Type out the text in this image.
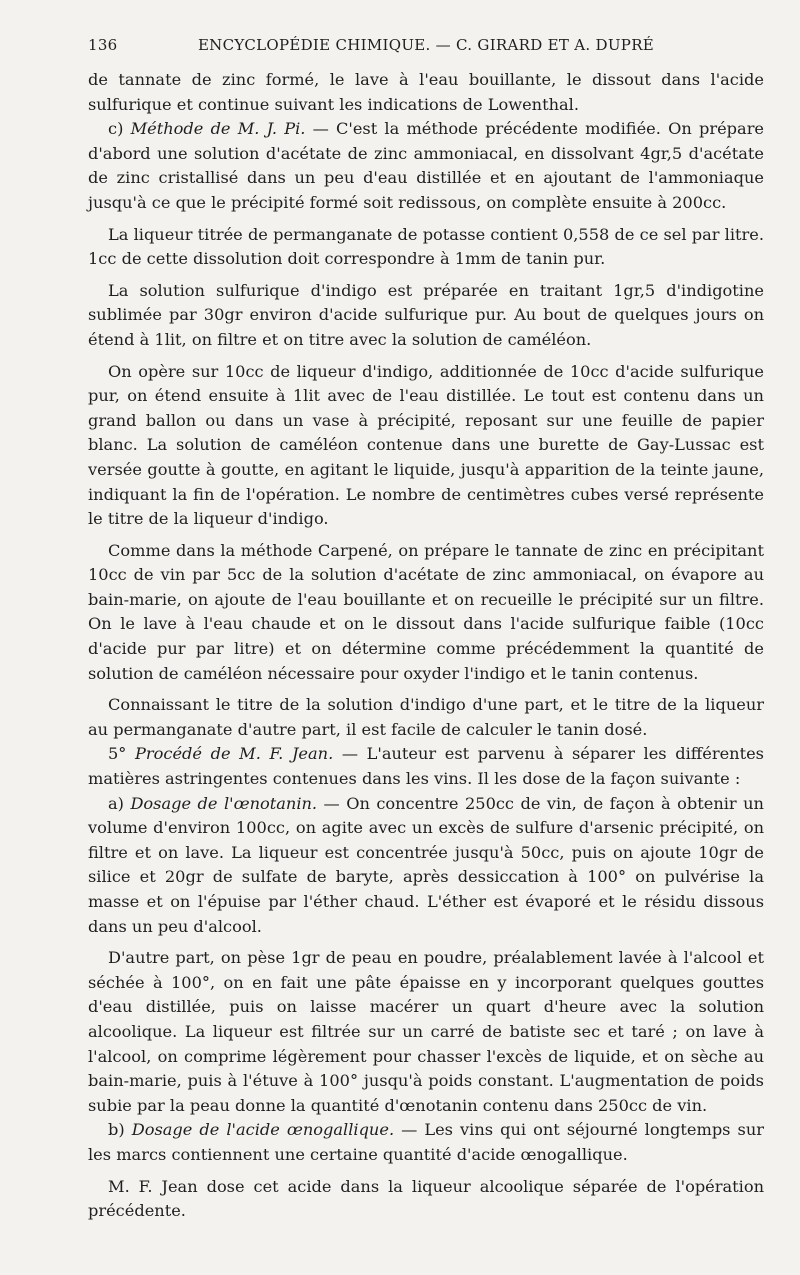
136	ENCYCLOPÉDIE CHIMIQUE. — C. GIRARD ET A. DUPRÉ

de tannate de zinc formé, le lave à l'eau bouillante, le dissout dans l'acide sulfurique et continue suivant les indications de Lowenthal.

c) Méthode de M. J. Pi. — C'est la méthode précédente modifiée. On prépare d'abord une solution d'acétate de zinc ammoniacal, en dissolvant 4gr,5 d'acétate de zinc cristallisé dans un peu d'eau distillée et en ajoutant de l'ammoniaque jusqu'à ce que le précipité formé soit redissous, on complète ensuite à 200cc.

La liqueur titrée de permanganate de potasse contient 0,558 de ce sel par litre. 1cc de cette dissolution doit correspondre à 1mm de tanin pur.

La solution sulfurique d'indigo est préparée en traitant 1gr,5 d'indigotine sublimée par 30gr environ d'acide sulfurique pur. Au bout de quelques jours on étend à 1lit, on filtre et on titre avec la solution de caméléon.

On opère sur 10cc de liqueur d'indigo, additionnée de 10cc d'acide sulfurique pur, on étend ensuite à 1lit avec de l'eau distillée. Le tout est contenu dans un grand ballon ou dans un vase à précipité, reposant sur une feuille de papier blanc. La solution de caméléon contenue dans une burette de Gay-Lussac est versée goutte à goutte, en agitant le liquide, jusqu'à apparition de la teinte jaune, indiquant la fin de l'opération. Le nombre de centimètres cubes versé représente le titre de la liqueur d'indigo.

Comme dans la méthode Carpené, on prépare le tannate de zinc en précipitant 10cc de vin par 5cc de la solution d'acétate de zinc ammoniacal, on évapore au bain-marie, on ajoute de l'eau bouillante et on recueille le précipité sur un filtre. On le lave à l'eau chaude et on le dissout dans l'acide sulfurique faible (10cc d'acide pur par litre) et on détermine comme précédemment la quantité de solution de caméléon nécessaire pour oxyder l'indigo et le tanin contenus.

Connaissant le titre de la solution d'indigo d'une part, et le titre de la liqueur au permanganate d'autre part, il est facile de calculer le tanin dosé.

5° Procédé de M. F. Jean. — L'auteur est parvenu à séparer les différentes matières astringentes contenues dans les vins. Il les dose de la façon suivante :

a) Dosage de l'œnotanin. — On concentre 250cc de vin, de façon à obtenir un volume d'environ 100cc, on agite avec un excès de sulfure d'arsenic précipité, on filtre et on lave. La liqueur est concentrée jusqu'à 50cc, puis on ajoute 10gr de silice et 20gr de sulfate de baryte, après dessiccation à 100° on pulvérise la masse et on l'épuise par l'éther chaud. L'éther est évaporé et le résidu dissous dans un peu d'alcool.

D'autre part, on pèse 1gr de peau en poudre, préalablement lavée à l'alcool et séchée à 100°, on en fait une pâte épaisse en y incorporant quelques gouttes d'eau distillée, puis on laisse macérer un quart d'heure avec la solution alcoolique. La liqueur est filtrée sur un carré de batiste sec et taré ; on lave à l'alcool, on comprime légèrement pour chasser l'excès de liquide, et on sèche au bain-marie, puis à l'étuve à 100° jusqu'à poids constant. L'augmentation de poids subie par la peau donne la quantité d'œnotanin contenu dans 250cc de vin.

b) Dosage de l'acide œnogallique. — Les vins qui ont séjourné longtemps sur les marcs contiennent une certaine quantité d'acide œnogallique.

M. F. Jean dose cet acide dans la liqueur alcoolique séparée de l'opération précédente.
